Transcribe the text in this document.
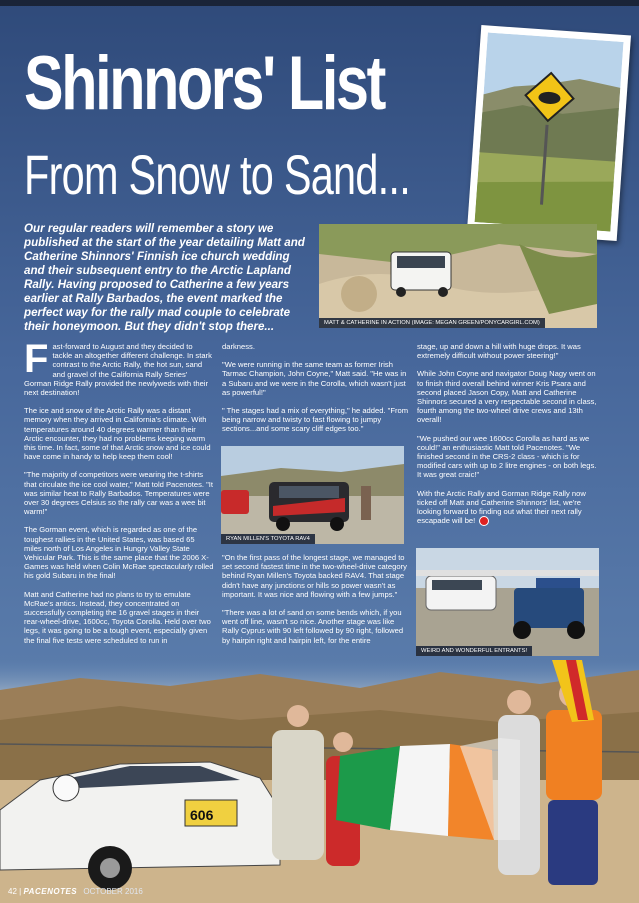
Shinnors' List
From Snow to Sand...

Our regular readers will remember a story we published at the start of the year detailing Matt and Catherine Shinnors' Finnish ice church wedding and their subsequent entry to the Arctic Lapland Rally. Having proposed to Catherine a few years earlier at Rally Barbados, the event marked the perfect way for the rally mad couple to celebrate their honeymoon. But they didn't stop there...	MATT & CATHERINE IN ACTION (IMAGE: MEGAN GREEN/PONYCARGIRL.COM)

Fast-forward to August and they decided to tackle an altogether different challenge. In stark contrast to the Arctic Rally, the hot sun, sand and gravel of the California Rally Series' Gorman Ridge Rally provided the newlyweds with their next destination!

The ice and snow of the Arctic Rally was a distant memory when they arrived in California's climate. With temperatures around 40 degrees warmer than their Arctic encounter, they had no problems keeping warm this time. In fact, some of that Arctic snow and ice could have come in handy to help keep them cool!

"The majority of competitors were wearing the t-shirts that circulate the ice cool water," Matt told Pacenotes. "It was similar heat to Rally Barbados. Temperatures were over 30 degrees Celsius so the rally car was a wee bit warm!"

The Gorman event, which is regarded as one of the toughest rallies in the United States, was based 65 miles north of Los Angeles in Hungry Valley State Vehicular Park. This is the same place that the 2006 X-Games was held when Colin McRae spectacularly rolled his gold Subaru in the final!

Matt and Catherine had no plans to try to emulate McRae's antics. Instead, they concentrated on successfully completing the 16 gravel stages in their rear-wheel-drive, 1600cc, Toyota Corolla. Held over two legs, it was going to be a tough event, especially given the final five tests were scheduled to run in

darkness.

"We were running in the same team as former Irish Tarmac Champion, John Coyne," Matt said. "He was in a Subaru and we were in the Corolla, which wasn't just as powerful!"

" The stages had a mix of everything," he added. "From being narrow and twisty to fast flowing to jumpy sections...and some scary cliff edges too."

RYAN MILLEN'S TOYOTA RAV4

"On the first pass of the longest stage, we managed to set second fastest time in the two-wheel-drive category behind Ryan Millen's Toyota backed RAV4. That stage didn't have any junctions or hills so power wasn't as important. It was nice and flowing with a few jumps."

"There was a lot of sand on some bends which, if you went off line, wasn't so nice. Another stage was like Rally Cyprus with 90 left followed by 90 right, followed by hairpin right and hairpin left, for the entire

stage, up and down a hill with huge drops. It was extremely difficult without power steering!"

While John Coyne and navigator Doug Nagy went on to finish third overall behind winner Kris Psara and second placed Jason Copy, Matt and Catherine Shinnors secured a very respectable second in class, fourth among the two-wheel drive crews and 13th overall!

"We pushed our wee 1600cc Corolla as hard as we could!" an enthusiastic Matt told Pacenotes. "We finished second in the CRS-2 class - which is for modified cars with up to 2 litre engines - on both legs. It was great craic!"

With the Arctic Rally and Gorman Ridge Rally now ticked off Matt and Catherine Shinnors' list, we're looking forward to finding out what their next rally escapade will be!

WEIRD AND WONDERFUL ENTRANTS!
606
42 | PACENOTES OCTOBER 2016
